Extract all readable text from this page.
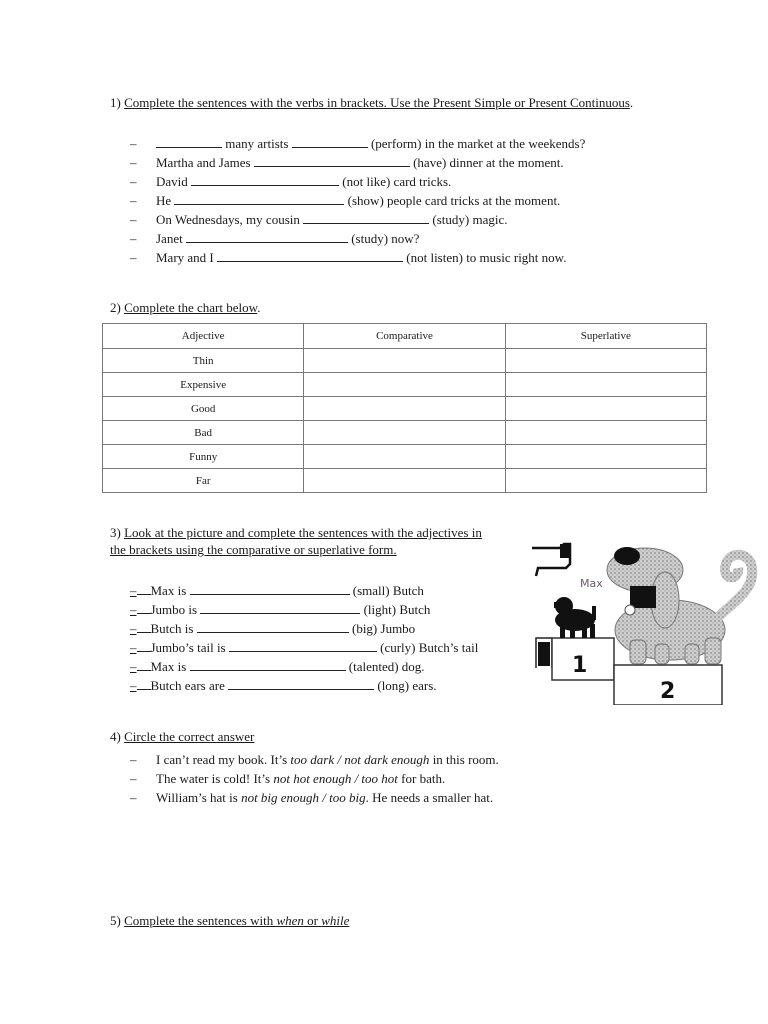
1) Complete the sentences with the verbs in brackets. Use the Present Simple or Present Continuous.
–	many artists	(perform) in the market at the weekends?
– Martha and James	(have) dinner at the moment.
– David	(not like) card tricks.
– He	(show) people card tricks at the moment.
– On Wednesdays, my cousin	(study) magic.
– Janet	(study) now?
– Mary and I	(not listen) to music right now.
2) Complete the chart below.
Adjective	Comparative	Superlative
Thin		
Expensive		
Good		
Bad		
Funny		
Far		
3) Look at the picture and complete the sentences with the adjectives in the brackets using the comparative or superlative form.
– Max is	(small) Butch
– Jumbo is	(light) Butch
– Butch is	(big) Jumbo
– Jumbo’s tail is	(curly) Butch’s tail
– Max is	(talented) dog.
– Butch ears are	(long) ears.
1
2
Max
4) Circle the correct answer
– I can’t read my book. It’s too dark / not dark enough in this room.
– The water is cold! It’s not hot enough / too hot for bath.
– William’s hat is not big enough / too big. He needs a smaller hat.
5) Complete the sentences with when or while
